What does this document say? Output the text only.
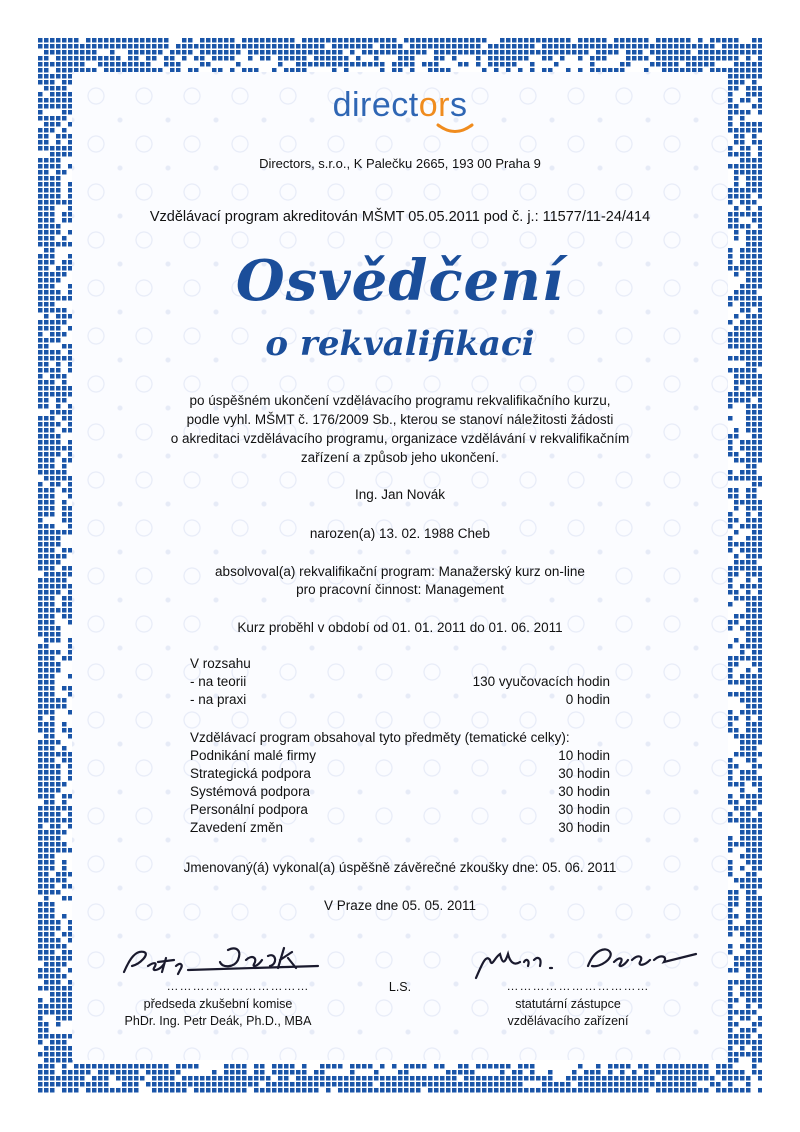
directors
Directors, s.r.o., K Palečku 2665, 193 00 Praha 9
Vzdělávací program akreditován MŠMT 05.05.2011 pod č. j.: 11577/11-24/414
Osvědčení
o rekvalifikaci
po úspěšném ukončení vzdělávacího programu rekvalifikačního kurzu,
podle vyhl. MŠMT č. 176/2009 Sb., kterou se stanoví náležitosti žádosti
o akreditaci vzdělávacího programu, organizace vzdělávání v rekvalifikačním
zařízení a způsob jeho ukončení.
Ing. Jan Novák
narozen(a) 13. 02. 1988 Cheb
absolvoval(a) rekvalifikační program: Manažerský kurz on-line
pro pracovní činnost: Management
Kurz proběhl v období od 01. 01. 2011 do 01. 06. 2011
V rozsahu
- na teorii	130 vyučovacích hodin
- na praxi	0 hodin
Vzdělávací program obsahoval tyto předměty (tematické celky):
Podnikání malé firmy	10 hodin
Strategická podpora	30 hodin
Systémová podpora	30 hodin
Personální podpora	30 hodin
Zavedení změn	30 hodin
Jmenovaný(á) vykonal(a) úspěšně závěrečné zkoušky dne: 05. 06. 2011
V Praze dne 05. 05. 2011
……………………………	……………………………
L.S.
předseda zkušební komise
PhDr. Ing. Petr Deák, Ph.D., MBA
statutární zástupce
vzdělávacího zařízení
